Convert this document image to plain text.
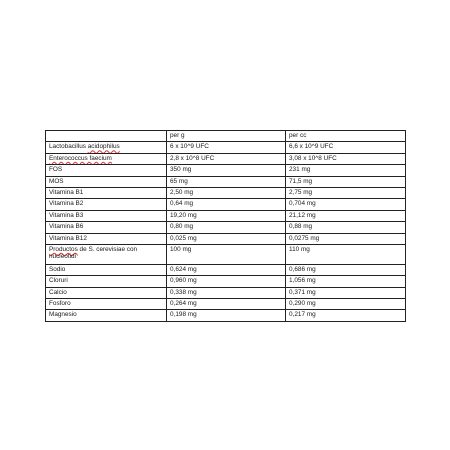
	per g	per cc
Lactobacillus acidophilus	6 x 10^9 UFC	6,6 x 10^9 UFC
Enterococcus faecium	2,8 x 10^8 UFC	3,08 x 10^8 UFC
FOS	350 mg	231 mg
MOS	65 mg	71,5 mg
Vitamina B1	2,50 mg	2,75 mg
Vitamina B2	0,64 mg	0,704 mg
Vitamina B3	19,20 mg	21,12 mg
Vitamina B6	0,80 mg	0,88 mg
Vitamina B12	0,025 mg	0,0275 mg
Productos de S. cerevisiae con nucleotidi	100 mg	110 mg
Sodio	0,624 mg	0,686 mg
Cloruri	0,960 mg	1,056 mg
Calcio	0,338 mg	0,371 mg
Fosforo	0,264 mg	0,290 mg
Magnesio	0,198 mg	0,217 mg
